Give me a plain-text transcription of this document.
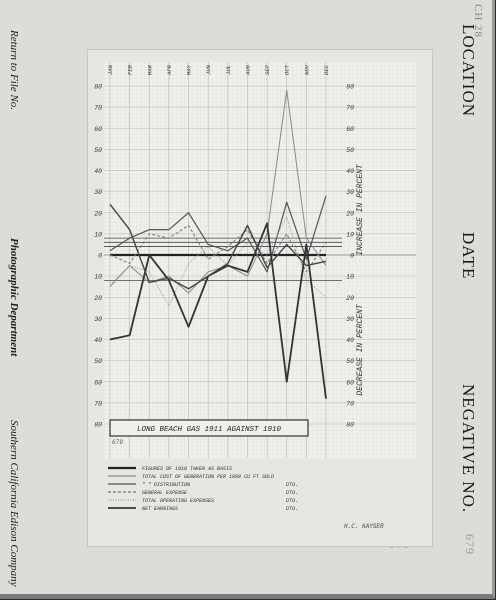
Return to File No.
Photographic Department
Southern California Edison Company
LOCATION
DATE
NEGATIVE NO.
CH 28
679
80	80
70	70
60	60
50	50
40	40
30	30
20	20
10	10
0	0
10	10
20	20
30	30
40	40
50	50
60	60
70	70
80	80
JAN FEB MAR APR MAY JUN JUL AUG SEP OCT NOV DEC
INCREASE IN PERCENT
DECREASE IN PERCENT
LONG BEACH GAS 1911 AGAINST 1910
679
FIGURES OF 1910 TAKEN AS BASIS
TOTAL COST OF GENERATION PER 1000 CU FT SOLD
" " DISTRIBUTION	DTO.
GENERAL EXPENSE	DTO.
TOTAL OPERATING EXPENSES	DTO.
NET EARNINGS	DTO.
H.C. KAYSER
